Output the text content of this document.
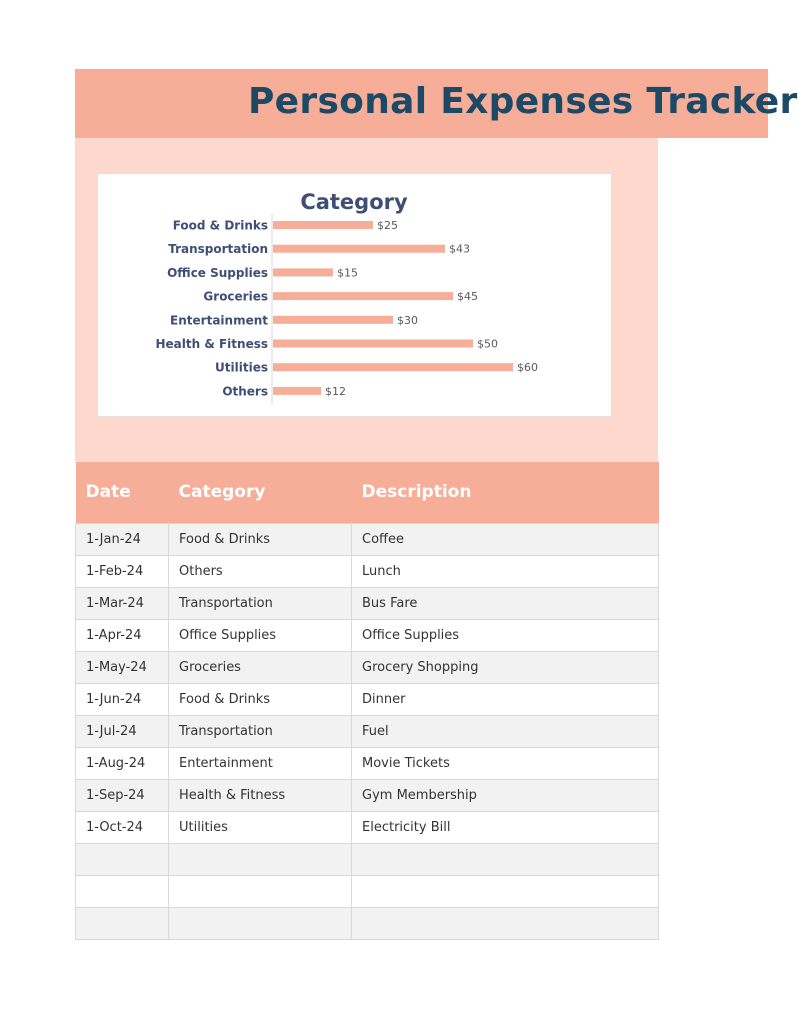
Personal Expenses Tracker
Category
Food & Drinks	$25
Transportation	$43
Office Supplies	$15
Groceries	$45
Entertainment	$30
Health & Fitness	$50
Utilities	$60
Others	$12
Date	Category	Description
1-Jan-24	Food & Drinks	Coffee
1-Feb-24	Others	Lunch
1-Mar-24	Transportation	Bus Fare
1-Apr-24	Office Supplies	Office Supplies
1-May-24	Groceries	Grocery Shopping
1-Jun-24	Food & Drinks	Dinner
1-Jul-24	Transportation	Fuel
1-Aug-24	Entertainment	Movie Tickets
1-Sep-24	Health & Fitness	Gym Membership
1-Oct-24	Utilities	Electricity Bill
